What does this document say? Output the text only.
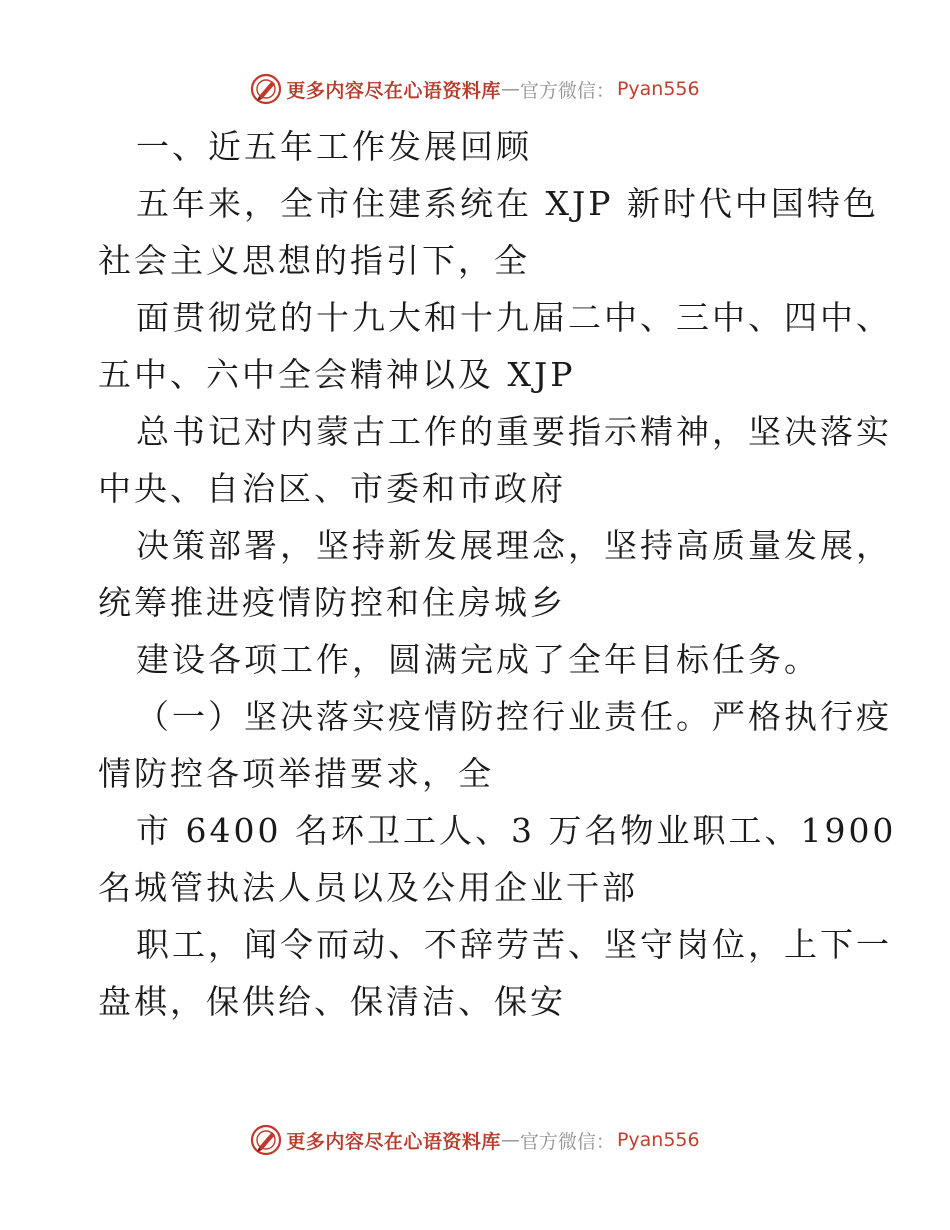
更多内容尽在心语资料库 — 官方微信： Pyan556
一、近五年工作发展回顾
五年来，全市住建系统在 XJP 新时代中国特色
社会主义思想的指引下，全
面贯彻党的十九大和十九届二中、三中、四中、
五中、六中全会精神以及 XJP
总书记对内蒙古工作的重要指示精神，坚决落实
中央、自治区、市委和市政府
决策部署，坚持新发展理念，坚持高质量发展，
统筹推进疫情防控和住房城乡
建设各项工作，圆满完成了全年目标任务。
（一）坚决落实疫情防控行业责任。严格执行疫
情防控各项举措要求，全
市 6400 名环卫工人、3 万名物业职工、1900
名城管执法人员以及公用企业干部
职工，闻令而动、不辞劳苦、坚守岗位，上下一
盘棋，保供给、保清洁、保安
更多内容尽在心语资料库 — 官方微信： Pyan556
